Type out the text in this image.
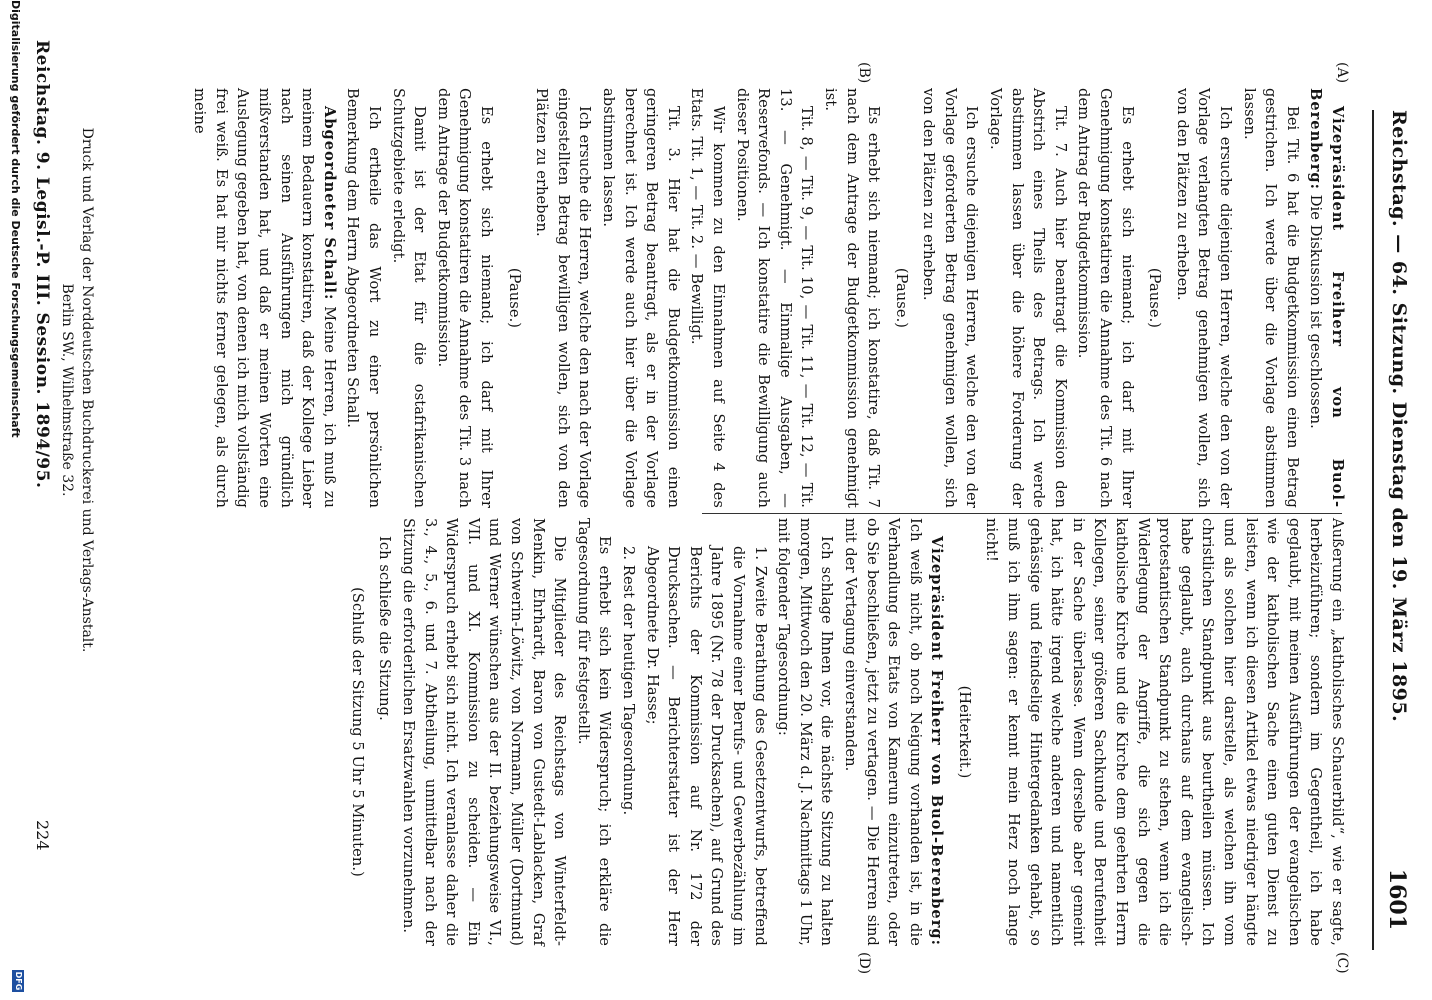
Reichstag. — 64. Sitzung. Dienstag den 19. März 1895.
1601
(A)
(B)
(C)
(D)

Vizepräsident Freiherr von Buol-Berenberg: Die Diskussion ist geschlossen.

Bei Tit. 6 hat die Budgetkommission einen Betrag gestrichen. Ich werde über die Vorlage abstimmen lassen.

Ich ersuche diejenigen Herren, welche den von der Vorlage verlangten Betrag genehmigen wollen, sich von den Plätzen zu erheben.

(Pause.)

Es erhebt sich niemand; ich darf mit Ihrer Genehmigung konstatiren die Annahme des Tit. 6 nach dem Antrag der Budgetkommission.

Tit. 7. Auch hier beantragt die Kommission den Abstrich eines Theils des Betrags. Ich werde abstimmen lassen über die höhere Forderung der Vorlage.

Ich ersuche diejenigen Herren, welche den von der Vorlage geforderten Betrag genehmigen wollen, sich von den Plätzen zu erheben.

(Pause.)

Es erhebt sich niemand; ich konstatire, daß Tit. 7 nach dem Antrage der Budgetkommission genehmigt ist.

Tit. 8, — Tit. 9, — Tit. 10, — Tit. 11, — Tit. 12, — Tit. 13. — Genehmigt. — Einmalige Ausgaben, — Reservefonds. — Ich konstatire die Bewilligung auch dieser Positionen.

Wir kommen zu den Einnahmen auf Seite 4 des Etats. Tit. 1, — Tit. 2. — Bewilligt.

Tit. 3. Hier hat die Budgetkommission einen geringeren Betrag beantragt, als er in der Vorlage berechnet ist. Ich werde auch hier über die Vorlage abstimmen lassen.

Ich ersuche die Herren, welche den nach der Vorlage eingestellten Betrag bewilligen wollen, sich von den Plätzen zu erheben.

(Pause.)

Es erhebt sich niemand; ich darf mit Ihrer Genehmigung konstatiren die Annahme des Tit. 3 nach dem Antrage der Budgetkommission.

Damit ist der Etat für die ostafrikanischen Schutzgebiete erledigt.

Ich ertheile das Wort zu einer persönlichen Bemerkung dem Herrn Abgeordneten Schall.

Abgeordneter Schall: Meine Herren, ich muß zu meinem Bedauern konstatiren, daß der Kollege Lieber nach seinen Ausführungen mich gründlich mißverstanden hat, und daß er meinen Worten eine Auslegung gegeben hat, von denen ich mich vollständig frei weiß. Es hat mir nichts ferner gelegen, als durch meine

Außerung ein „katholisches Schauerbild“, wie er sagte, herbeizuführen; sondern im Gegentheil, ich habe geglaubt, mit meinen Ausführungen der evangelischen wie der katholischen Sache einen guten Dienst zu leisten, wenn ich diesen Artikel etwas niedriger hängte und als solchen hier darstelle, als welchen ihn vom christlichen Standpunkt aus beurtheilen müssen. Ich habe geglaubt, auch durchaus auf dem evangelisch-protestantischen Standpunkt zu stehen, wenn ich die Widerlegung der Angriffe, die sich gegen die katholische Kirche und die Kirche dem geehrten Herrn Kollegen, seiner größeren Sachkunde und Berufenheit in der Sache überlasse. Wenn derselbe aber gemeint hat, ich hätte irgend welche anderen und namentlich gehässige und feindselige Hintergedanken gehabt, so muß ich ihm sagen: er kennt mein Herz noch lange nicht!

(Heiterkeit.)

Vizepräsident Freiherr von Buol-Berenberg: Ich weiß nicht, ob noch Neigung vorhanden ist, in die Verhandlung des Etats von Kamerun einzutreten, oder ob Sie beschließen, jetzt zu vertagen. — Die Herren sind mit der Vertagung einverstanden.

Ich schlage Ihnen vor, die nächste Sitzung zu halten morgen, Mittwoch den 20. März d. J. Nachmittags 1 Uhr, mit folgender Tagesordnung:

1. Zweite Berathung des Gesetzentwurfs, betreffend die Vornahme einer Berufs- und Gewerbezählung im Jahre 1895 (Nr. 78 der Drucksachen), auf Grund des Berichts der Kommission auf Nr. 172 der Drucksachen. — Berichterstatter ist der Herr Abgeordnete Dr. Hasse;

2. Rest der heutigen Tagesordnung.

Es erhebt sich kein Widerspruch; ich erkläre die Tagesordnung für festgestellt.

Die Mitglieder des Reichstags von Winterfeldt-Menkin, Ehrhardt, Baron von Gustedt-Lablacken, Graf von Schwerin-Löwitz, von Normann, Müller (Dortmund) und Werner wünschen aus der II. beziehungsweise VI., VII. und XI. Kommission zu scheiden. — Ein Widerspruch erhebt sich nicht. Ich veranlasse daher die 3., 4., 5., 6. und 7. Abtheilung, unmittelbar nach der Sitzung die erforderlichen Ersatzwahlen vorzunehmen.

Ich schließe die Sitzung.

(Schluß der Sitzung 5 Uhr 5 Minuten.)

Druck und Verlag der Norddeutschen Buchdruckerei und Verlags-Anstalt. Berlin SW., Wilhelmstraße 32.
Reichstag. 9. Legisl.-P. III. Session. 1894/95.
224
Digitalisierung gefördert durch die Deutsche Forschungsgemeinschaft
DFG
